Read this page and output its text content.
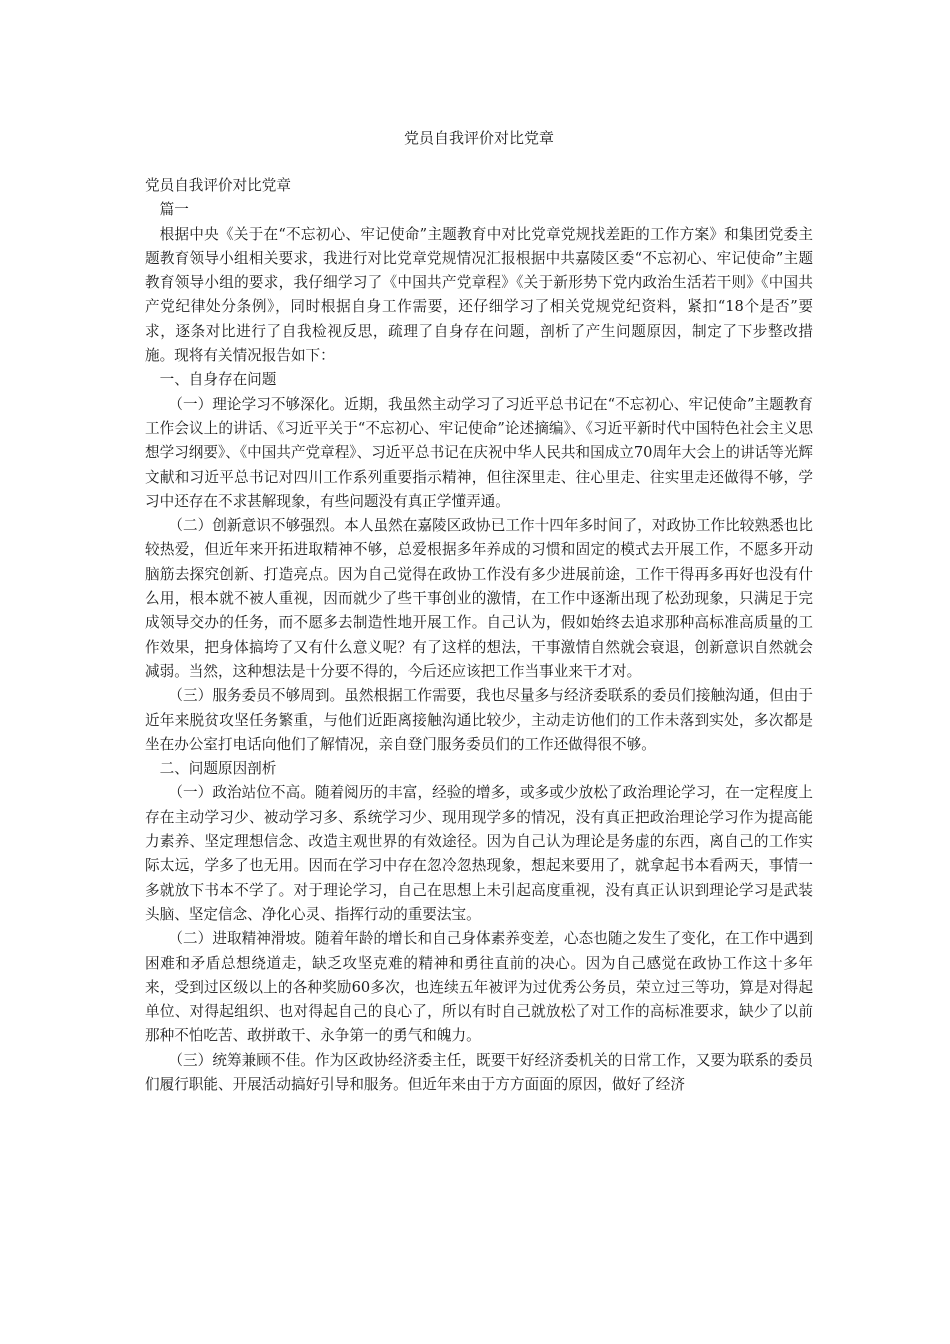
党员自我评价对比党章

党员自我评价对比党章

篇一

根据中央《关于在“不忘初心、牢记使命”主题教育中对比党章党规找差距的工作方案》和集团党委主题教育领导小组相关要求，我进行对比党章党规情况汇报根据中共嘉陵区委“不忘初心、牢记使命”主题教育领导小组的要求，我仔细学习了《中国共产党章程》《关于新形势下党内政治生活若干则》《中国共产党纪律处分条例》，同时根据自身工作需要，还仔细学习了相关党规党纪资料，紧扣“18个是否”要求，逐条对比进行了自我检视反思，疏理了自身存在问题，剖析了产生问题原因，制定了下步整改措施。现将有关情况报告如下：

一、自身存在问题

（一）理论学习不够深化。近期，我虽然主动学习了习近平总书记在“不忘初心、牢记使命”主题教育工作会议上的讲话、《习近平关于“不忘初心、牢记使命”论述摘编》、《习近平新时代中国特色社会主义思想学习纲要》、《中国共产党章程》、习近平总书记在庆祝中华人民共和国成立70周年大会上的讲话等光辉文献和习近平总书记对四川工作系列重要指示精神，但往深里走、往心里走、往实里走还做得不够，学习中还存在不求甚解现象，有些问题没有真正学懂弄通。

（二）创新意识不够强烈。本人虽然在嘉陵区政协已工作十四年多时间了，对政协工作比较熟悉也比较热爱，但近年来开拓进取精神不够，总爱根据多年养成的习惯和固定的模式去开展工作，不愿多开动脑筋去探究创新、打造亮点。因为自己觉得在政协工作没有多少进展前途，工作干得再多再好也没有什么用，根本就不被人重视，因而就少了些干事创业的激情，在工作中逐渐出现了松劲现象，只满足于完成领导交办的任务，而不愿多去制造性地开展工作。自己认为，假如始终去追求那种高标准高质量的工作效果，把身体搞垮了又有什么意义呢？有了这样的想法，干事激情自然就会衰退，创新意识自然就会减弱。当然，这种想法是十分要不得的，今后还应该把工作当事业来干才对。

（三）服务委员不够周到。虽然根据工作需要，我也尽量多与经济委联系的委员们接触沟通，但由于近年来脱贫攻坚任务繁重，与他们近距离接触沟通比较少，主动走访他们的工作未落到实处，多次都是坐在办公室打电话向他们了解情况，亲自登门服务委员们的工作还做得很不够。

二、问题原因剖析

（一）政治站位不高。随着阅历的丰富，经验的增多，或多或少放松了政治理论学习，在一定程度上存在主动学习少、被动学习多、系统学习少、现用现学多的情况，没有真正把政治理论学习作为提高能力素养、坚定理想信念、改造主观世界的有效途径。因为自己认为理论是务虚的东西，离自己的工作实际太远，学多了也无用。因而在学习中存在忽冷忽热现象，想起来要用了，就拿起书本看两天，事情一多就放下书本不学了。对于理论学习，自己在思想上未引起高度重视，没有真正认识到理论学习是武装头脑、坚定信念、净化心灵、指挥行动的重要法宝。

（二）进取精神滑坡。随着年龄的增长和自己身体素养变差，心态也随之发生了变化，在工作中遇到困难和矛盾总想绕道走，缺乏攻坚克难的精神和勇往直前的决心。因为自己感觉在政协工作这十多年来，受到过区级以上的各种奖励60多次，也连续五年被评为过优秀公务员，荣立过三等功，算是对得起单位、对得起组织、也对得起自己的良心了，所以有时自己就放松了对工作的高标准要求，缺少了以前那种不怕吃苦、敢拼敢干、永争第一的勇气和魄力。

（三）统筹兼顾不佳。作为区政协经济委主任，既要干好经济委机关的日常工作，又要为联系的委员们履行职能、开展活动搞好引导和服务。但近年来由于方方面面的原因，做好了经济
